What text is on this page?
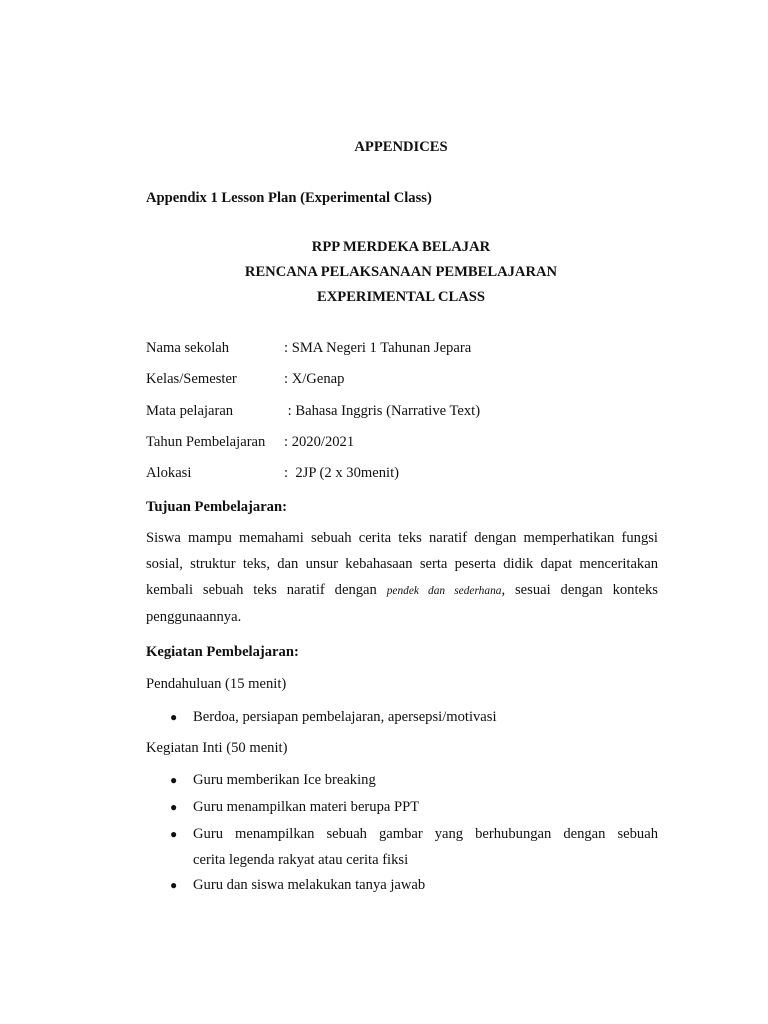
APPENDICES
Appendix 1 Lesson Plan (Experimental Class)
RPP MERDEKA BELAJAR
RENCANA PELAKSANAAN PEMBELAJARAN
EXPERIMENTAL CLASS
Nama sekolah	: SMA Negeri 1 Tahunan Jepara
Kelas/Semester	: X/Genap
Mata pelajaran	: Bahasa Inggris (Narrative Text)
Tahun Pembelajaran : 2020/2021
Alokasi	:  2JP (2 x 30menit)
Tujuan Pembelajaran:
Siswa mampu memahami sebuah cerita teks naratif dengan memperhatikan fungsi
sosial, struktur teks, dan unsur kebahasaan serta peserta didik dapat menceritakan
kembali sebuah teks naratif dengan pendek dan sederhana, sesuai dengan konteks
penggunaannya.
Kegiatan Pembelajaran:
Pendahuluan (15 menit)
● Berdoa, persiapan pembelajaran, apersepsi/motivasi
Kegiatan Inti (50 menit)
● Guru memberikan Ice breaking
● Guru menampilkan materi berupa PPT
● Guru menampilkan sebuah gambar yang berhubungan dengan sebuah
cerita legenda rakyat atau cerita fiksi
● Guru dan siswa melakukan tanya jawab
